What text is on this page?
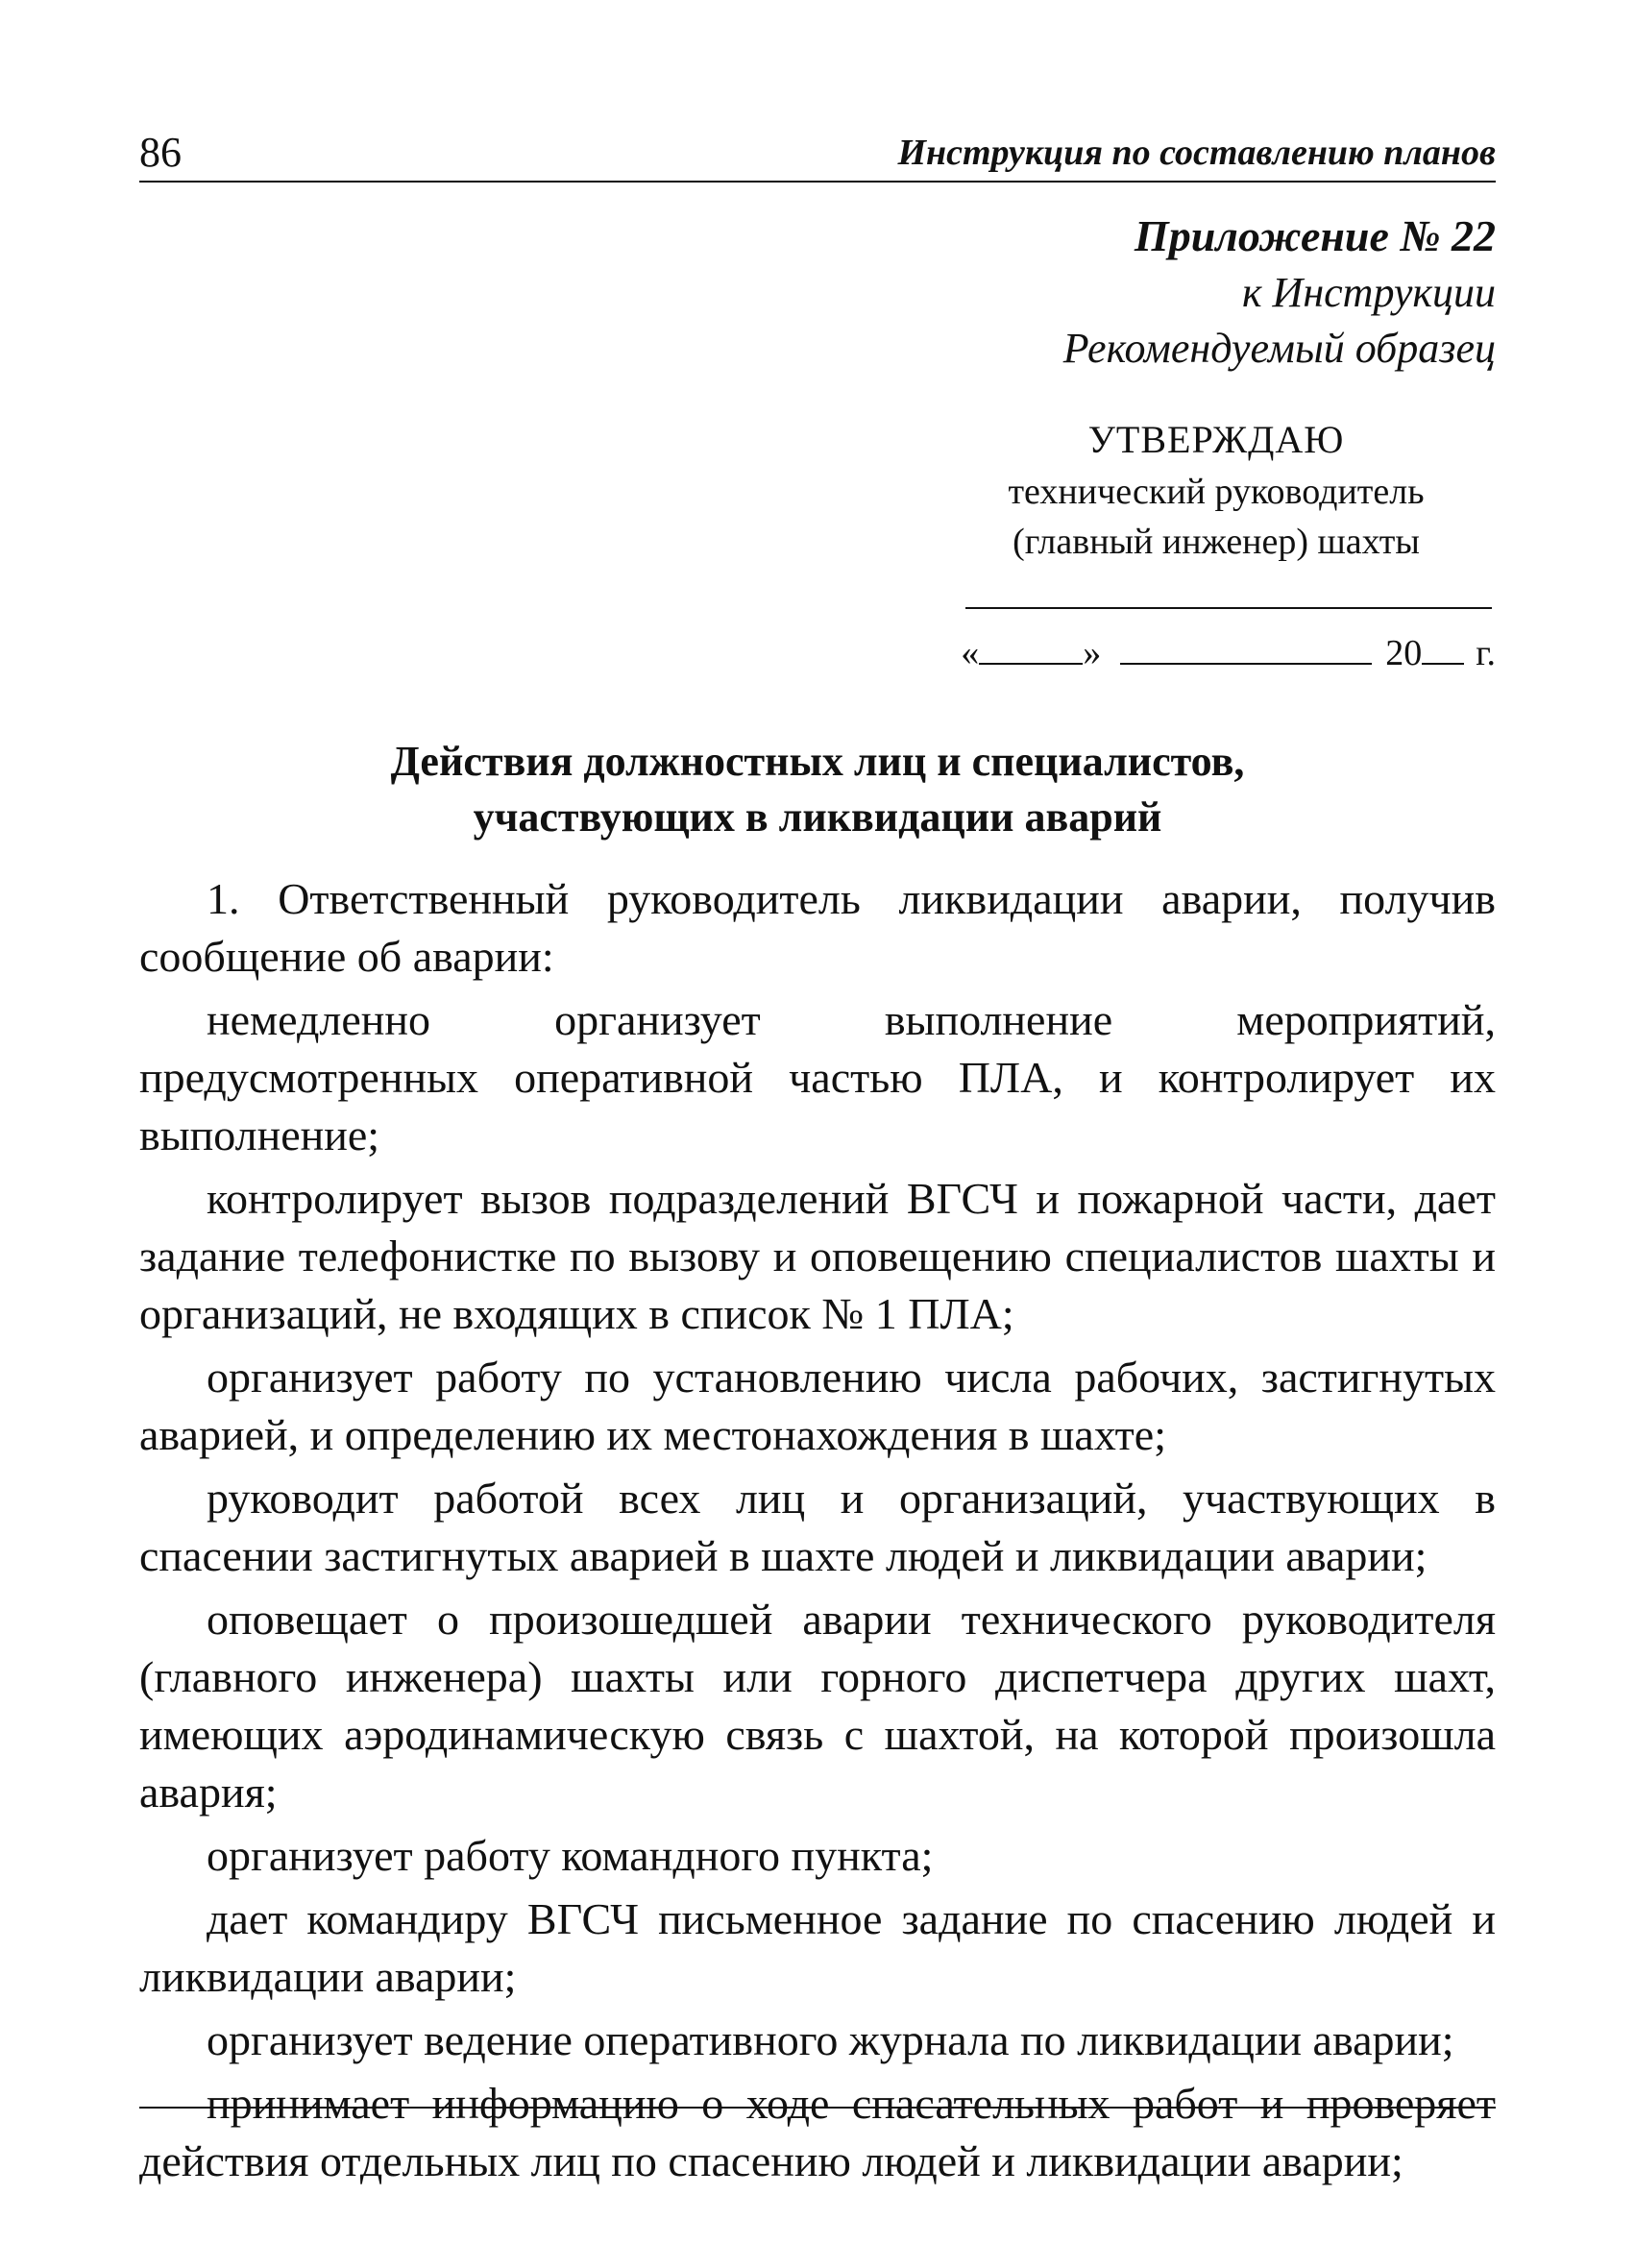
86	Инструкция по составлению планов
Приложение № 22
к Инструкции
Рекомендуемый образец
УТВЕРЖДАЮ
технический руководитель
(главный инженер) шахты
«	»	20 г.
Действия должностных лиц и специалистов,
участвующих в ликвидации аварий

1. Ответственный руководитель ликвидации аварии, получив сообщение об аварии:

немедленно организует выполнение мероприятий, предусмотренных оперативной частью ПЛА, и контролирует их выполнение;

контролирует вызов подразделений ВГСЧ и пожарной части, дает задание телефонистке по вызову и оповещению специалистов шахты и организаций, не входящих в список № 1 ПЛА;

организует работу по установлению числа рабочих, застигнутых аварией, и определению их местонахождения в шахте;

руководит работой всех лиц и организаций, участвующих в спасении застигнутых аварией в шахте людей и ликвидации аварии;

оповещает о произошедшей аварии технического руководителя (главного инженера) шахты или горного диспетчера других шахт, имеющих аэродинамическую связь с шахтой, на которой произошла авария;

организует работу командного пункта;

дает командиру ВГСЧ письменное задание по спасению людей и ликвидации аварии;

организует ведение оперативного журнала по ликвидации аварии;

принимает информацию о ходе спасательных работ и проверяет действия отдельных лиц по спасению людей и ликвидации аварии;
